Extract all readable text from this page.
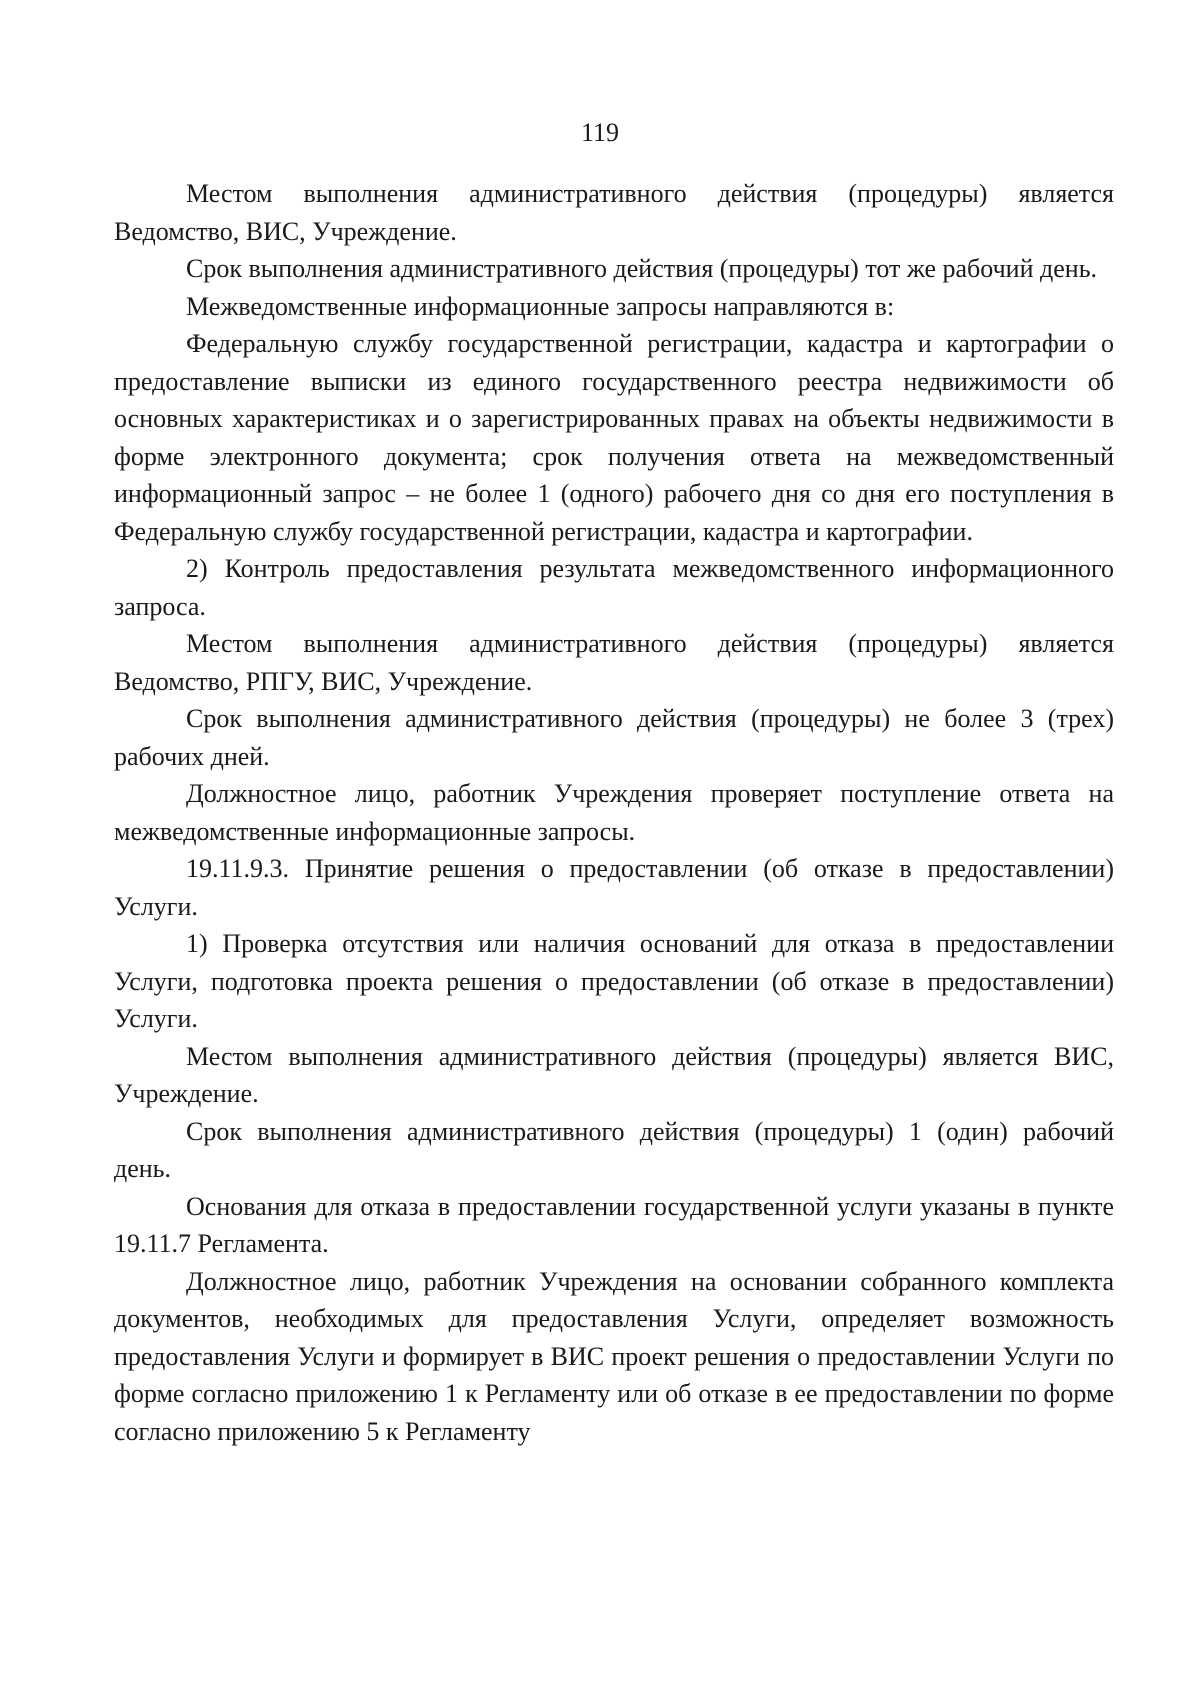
119

Местом выполнения административного действия (процедуры) является Ведомство, ВИС, Учреждение.

Срок выполнения административного действия (процедуры) тот же рабочий день.

Межведомственные информационные запросы направляются в:

Федеральную службу государственной регистрации, кадастра и картографии о предоставление выписки из единого государственного реестра недвижимости об основных характеристиках и о зарегистрированных правах на объекты недвижимости в форме электронного документа; срок получения ответа на межведомственный информационный запрос – не более 1 (одного) рабочего дня со дня его поступления в Федеральную службу государственной регистрации, кадастра и картографии.

2) Контроль предоставления результата межведомственного информационного запроса.

Местом выполнения административного действия (процедуры) является Ведомство, РПГУ, ВИС, Учреждение.

Срок выполнения административного действия (процедуры) не более 3 (трех) рабочих дней.

Должностное лицо, работник Учреждения проверяет поступление ответа на межведомственные информационные запросы.

19.11.9.3. Принятие решения о предоставлении (об отказе в предоставлении) Услуги.

1) Проверка отсутствия или наличия оснований для отказа в предоставлении Услуги, подготовка проекта решения о предоставлении (об отказе в предоставлении) Услуги.

Местом выполнения административного действия (процедуры) является ВИС, Учреждение.

Срок выполнения административного действия (процедуры) 1 (один) рабочий день.

Основания для отказа в предоставлении государственной услуги указаны в пункте 19.11.7 Регламента.

Должностное лицо, работник Учреждения на основании собранного комплекта документов, необходимых для предоставления Услуги, определяет возможность предоставления Услуги и формирует в ВИС проект решения о предоставлении Услуги по форме согласно приложению 1 к Регламенту или об отказе в ее предоставлении по форме согласно приложению 5 к Регламенту
